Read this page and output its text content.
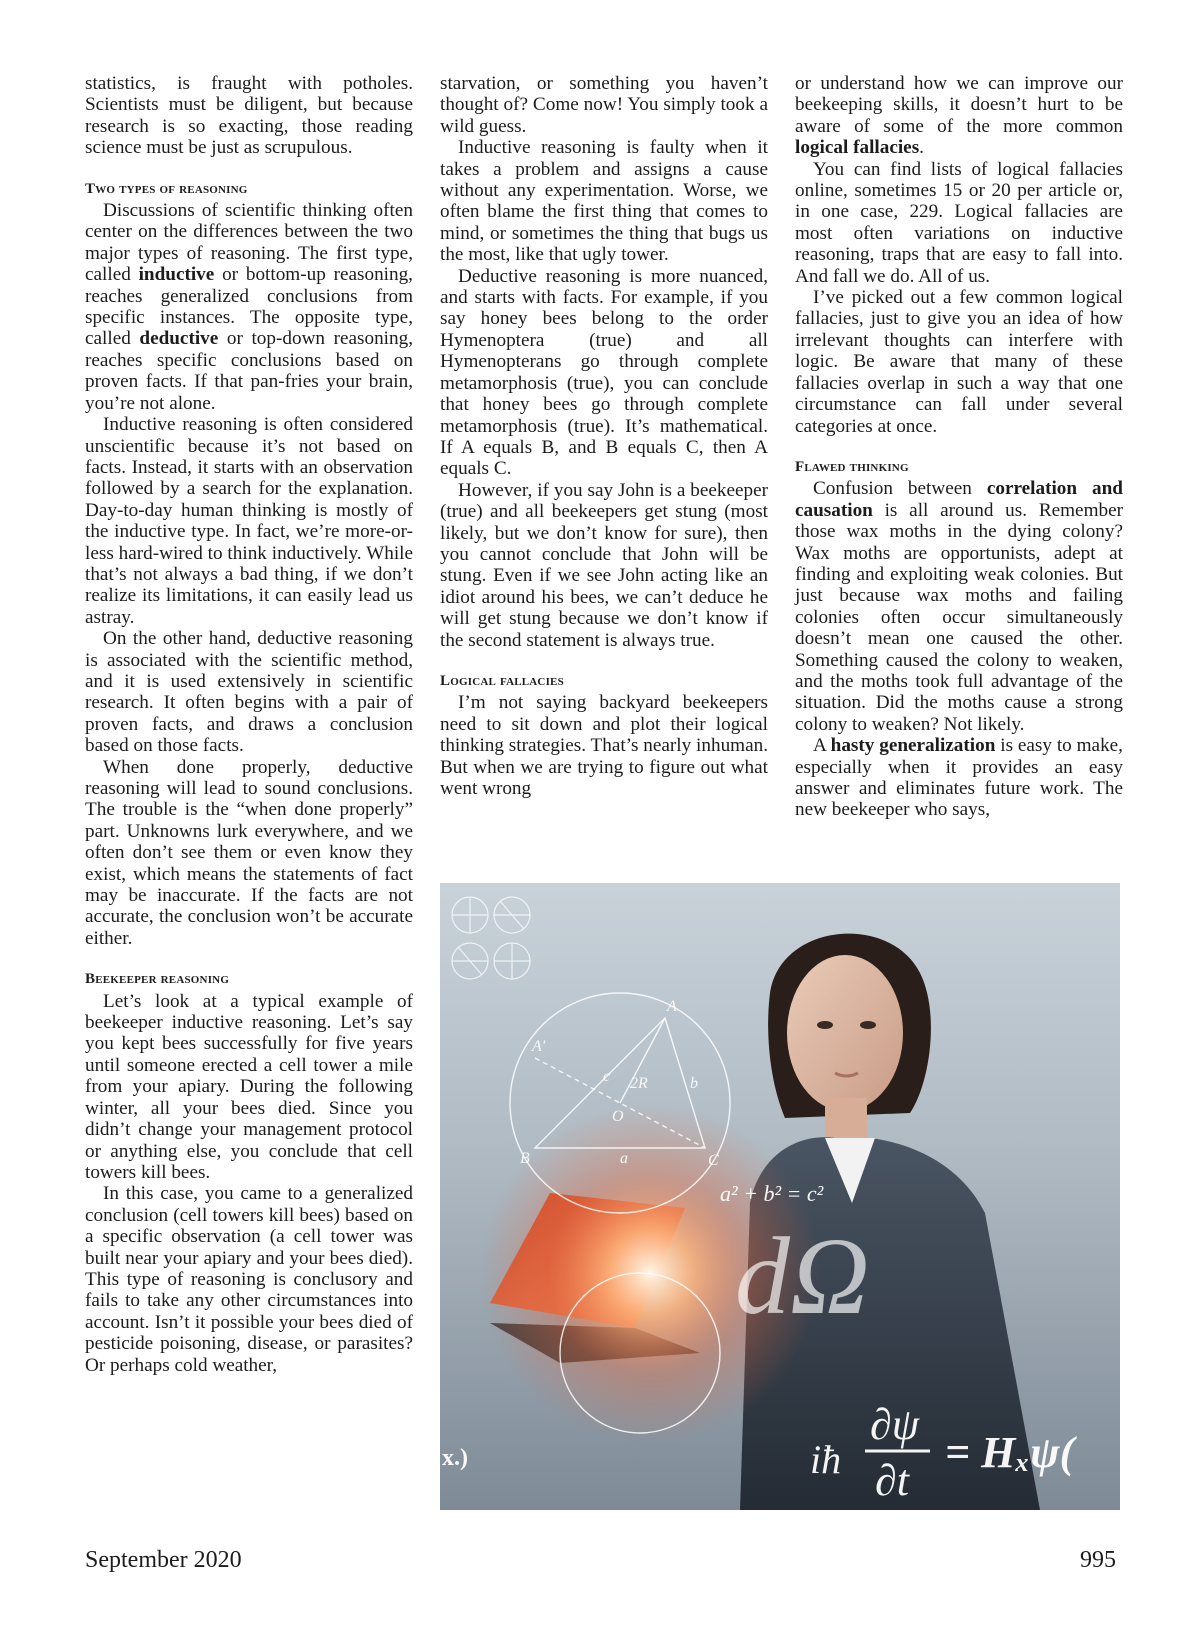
statistics, is fraught with potholes. Scientists must be diligent, but because research is so exacting, those reading science must be just as scrupulous.

Two types of reasoning

Discussions of scientific thinking often center on the differences between the two major types of reasoning. The first type, called inductive or bottom-up reasoning, reaches generalized conclusions from specific instances. The opposite type, called deductive or top-down reasoning, reaches specific conclusions based on proven facts. If that pan-fries your brain, you’re not alone.

Inductive reasoning is often considered unscientific because it’s not based on facts. Instead, it starts with an observation followed by a search for the explanation. Day-to-day human thinking is mostly of the inductive type. In fact, we’re more-or-less hard-wired to think inductively. While that’s not always a bad thing, if we don’t realize its limitations, it can easily lead us astray.

On the other hand, deductive reasoning is associated with the scientific method, and it is used extensively in scientific research. It often begins with a pair of proven facts, and draws a conclusion based on those facts.

When done properly, deductive reasoning will lead to sound conclusions. The trouble is the “when done properly” part. Unknowns lurk everywhere, and we often don’t see them or even know they exist, which means the statements of fact may be inaccurate. If the facts are not accurate, the conclusion won’t be accurate either.

Beekeeper reasoning

Let’s look at a typical example of beekeeper inductive reasoning. Let’s say you kept bees successfully for five years until someone erected a cell tower a mile from your apiary. During the following winter, all your bees died. Since you didn’t change your management protocol or anything else, you conclude that cell towers kill bees.

In this case, you came to a generalized conclusion (cell towers kill bees) based on a specific observation (a cell tower was built near your apiary and your bees died). This type of reasoning is conclusory and fails to take any other circumstances into account. Isn’t it possible your bees died of pesticide poisoning, disease, or parasites? Or perhaps cold weather,

starvation, or something you haven’t thought of? Come now! You simply took a wild guess.

Inductive reasoning is faulty when it takes a problem and assigns a cause without any experimentation. Worse, we often blame the first thing that comes to mind, or sometimes the thing that bugs us the most, like that ugly tower.

Deductive reasoning is more nuanced, and starts with facts. For example, if you say honey bees belong to the order Hymenoptera (true) and all Hymenopterans go through complete metamorphosis (true), you can conclude that honey bees go through complete metamorphosis (true). It’s mathematical. If A equals B, and B equals C, then A equals C.

However, if you say John is a beekeeper (true) and all beekeepers get stung (most likely, but we don’t know for sure), then you cannot conclude that John will be stung. Even if we see John acting like an idiot around his bees, we can’t deduce he will get stung because we don’t know if the second statement is always true.

Logical fallacies

I’m not saying backyard beekeepers need to sit down and plot their logical thinking strategies. That’s nearly inhuman. But when we are trying to figure out what went wrong

or understand how we can improve our beekeeping skills, it doesn’t hurt to be aware of some of the more common logical fallacies.

You can find lists of logical fallacies online, sometimes 15 or 20 per article or, in one case, 229. Logical fallacies are most often variations on inductive reasoning, traps that are easy to fall into. And fall we do. All of us.

I’ve picked out a few common logical fallacies, just to give you an idea of how irrelevant thoughts can interfere with logic. Be aware that many of these fallacies overlap in such a way that one circumstance can fall under several categories at once.

Flawed thinking

Confusion between correlation and causation is all around us. Remember those wax moths in the dying colony? Wax moths are opportunists, adept at finding and exploiting weak colonies. But just because wax moths and failing colonies often occur simultaneously doesn’t mean one caused the other. Something caused the colony to weaken, and the moths took full advantage of the situation. Did the moths cause a strong colony to weaken? Not likely.

A hasty generalization is easy to make, especially when it provides an easy answer and eliminates future work. The new beekeeper who says,

A
A'
B	C
O
2R	b
c
a
a² + b² = c²
dΩ
x.)	iħ
∂ψ
∂t
= Hₓψ(
September 2020	995
